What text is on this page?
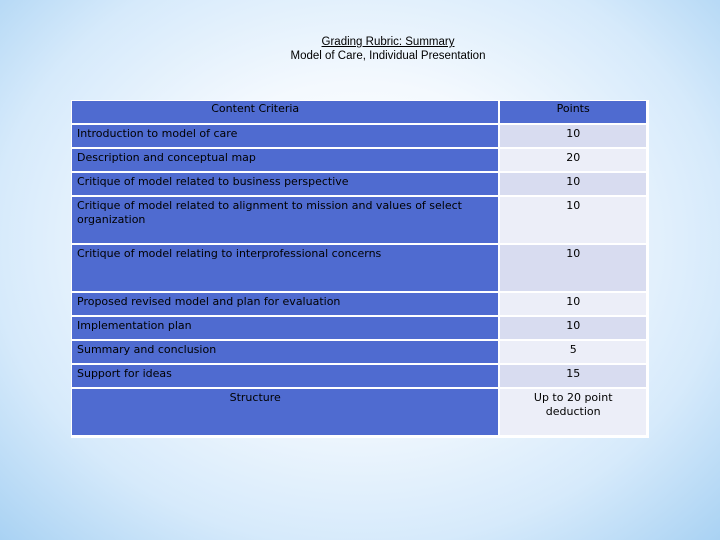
Grading Rubric: Summary
Model of Care, Individual Presentation
Content Criteria	Points
Introduction to model of care	10
Description and conceptual map	20
Critique of model related to business perspective	10
Critique of model related to alignment to mission and values of select organization	10
Critique of model relating to interprofessional concerns	10
Proposed revised model and plan for evaluation	10
Implementation plan	10
Summary and conclusion	5
Support for ideas	15
Structure	Up to 20 point deduction
